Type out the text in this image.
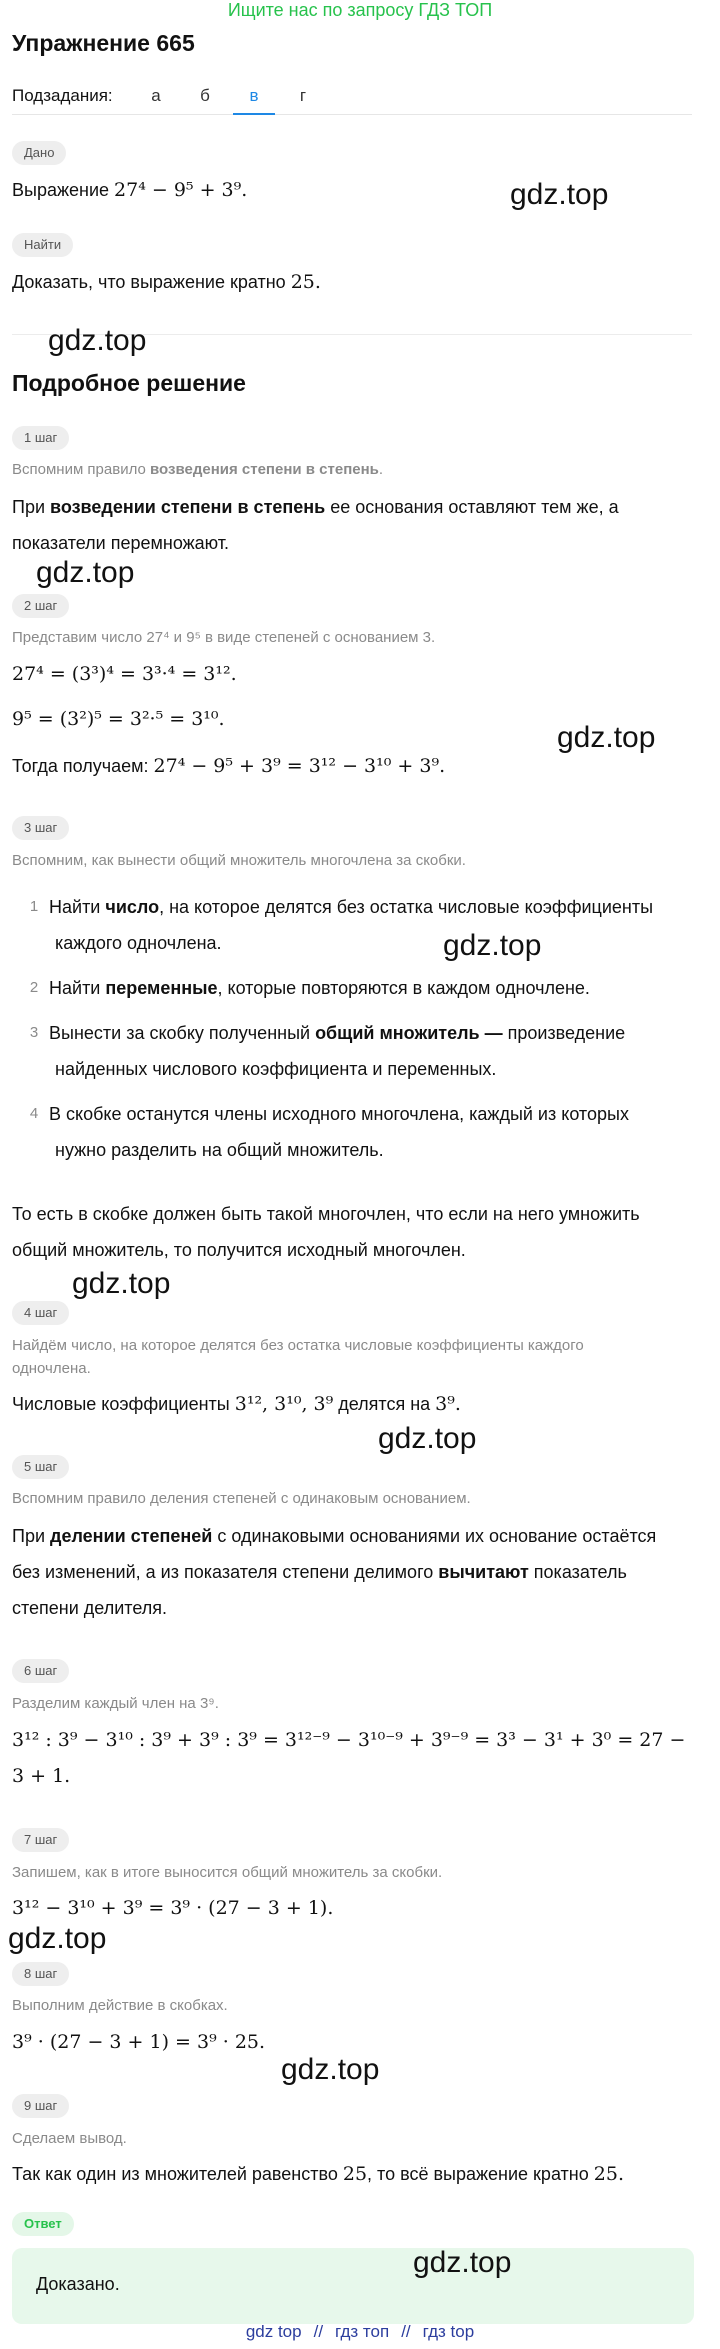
Ищите нас по запросу ГДЗ ТОП
Упражнение 665
Подзадания:	а	б	в	г
Дано
Выражение 27⁴ − 9⁵ + 3⁹.
Найти
Доказать, что выражение кратно 25.
Подробное решение
1 шаг
Вспомним правило возведения степени в степень.
При возведении степени в степень ее основания оставляют тем же, а
показатели перемножают.
2 шаг
Представим число 27⁴ и 9⁵ в виде степеней с основанием 3.
27⁴ = (3³)⁴ = 3³·⁴ = 3¹².
9⁵ = (3²)⁵ = 3²·⁵ = 3¹⁰.
Тогда получаем: 27⁴ − 9⁵ + 3⁹ = 3¹² − 3¹⁰ + 3⁹.
3 шаг
Вспомним, как вынести общий множитель многочлена за скобки.
1 Найти число, на которое делятся без остатка числовые коэффициенты
каждого одночлена.
2 Найти переменные, которые повторяются в каждом одночлене.
3 Вынести за скобку полученный общий множитель — произведение
найденных числового коэффициента и переменных.
4 В скобке останутся члены исходного многочлена, каждый из которых
нужно разделить на общий множитель.
То есть в скобке должен быть такой многочлен, что если на него умножить
общий множитель, то получится исходный многочлен.
4 шаг
Найдём число, на которое делятся без остатка числовые коэффициенты каждого
одночлена.
Числовые коэффициенты 3¹², 3¹⁰, 3⁹ делятся на 3⁹.
5 шаг
Вспомним правило деления степеней с одинаковым основанием.
При делении степеней с одинаковыми основаниями их основание остаётся
без изменений, а из показателя степени делимого вычитают показатель
степени делителя.
6 шаг
Разделим каждый член на 3⁹.
3¹² : 3⁹ − 3¹⁰ : 3⁹ + 3⁹ : 3⁹ = 3¹²⁻⁹ − 3¹⁰⁻⁹ + 3⁹⁻⁹ = 3³ − 3¹ + 3⁰ = 27 −
3 + 1.
7 шаг
Запишем, как в итоге выносится общий множитель за скобки.
3¹² − 3¹⁰ + 3⁹ = 3⁹ · (27 − 3 + 1).
8 шаг
Выполним действие в скобках.
3⁹ · (27 − 3 + 1) = 3⁹ · 25.
9 шаг
Сделаем вывод.
Так как один из множителей равенство 25, то всё выражение кратно 25.
Ответ
Доказано.
gdz.top
gdz.top
gdz.top
gdz.top
gdz.top
gdz.top
gdz.top
gdz.top
gdz.top
gdz.top
gdz top // гдз топ // гдз top
